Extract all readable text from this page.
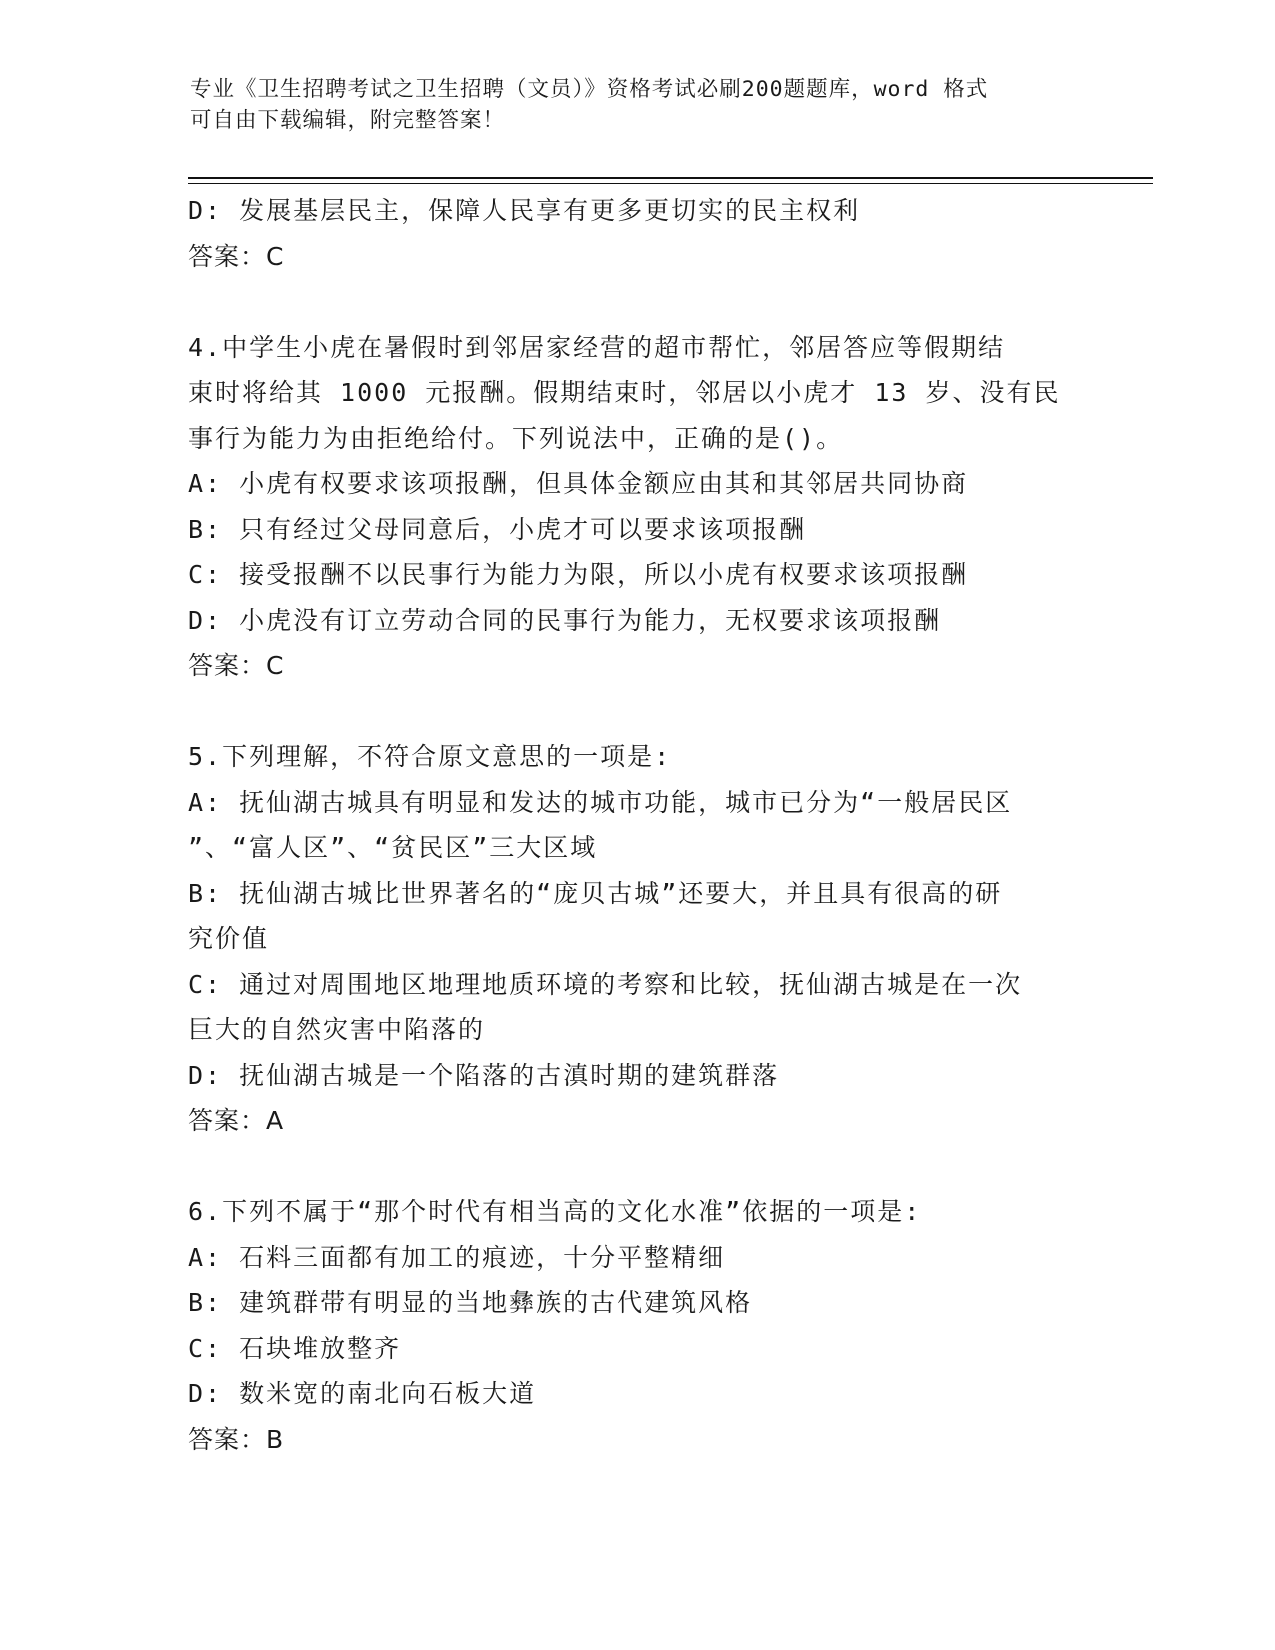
专业《卫生招聘考试之卫生招聘（文员）》资格考试必刷200题题库，word 格式
可自由下载编辑，附完整答案！
D: 发展基层民主，保障人民享有更多更切实的民主权利
答案：C
4.中学生小虎在暑假时到邻居家经营的超市帮忙，邻居答应等假期结
束时将给其 1000 元报酬。假期结束时，邻居以小虎才 13 岁、没有民
事行为能力为由拒绝给付。下列说法中，正确的是()。
A: 小虎有权要求该项报酬，但具体金额应由其和其邻居共同协商
B: 只有经过父母同意后，小虎才可以要求该项报酬
C: 接受报酬不以民事行为能力为限，所以小虎有权要求该项报酬
D: 小虎没有订立劳动合同的民事行为能力，无权要求该项报酬
答案：C
5.下列理解，不符合原文意思的一项是:
A: 抚仙湖古城具有明显和发达的城市功能，城市已分为“一般居民区
”、“富人区”、“贫民区”三大区域
B: 抚仙湖古城比世界著名的“庞贝古城”还要大，并且具有很高的研
究价值
C: 通过对周围地区地理地质环境的考察和比较，抚仙湖古城是在一次
巨大的自然灾害中陷落的
D: 抚仙湖古城是一个陷落的古滇时期的建筑群落
答案：A
6.下列不属于“那个时代有相当高的文化水准”依据的一项是:
A: 石料三面都有加工的痕迹，十分平整精细
B: 建筑群带有明显的当地彝族的古代建筑风格
C: 石块堆放整齐
D: 数米宽的南北向石板大道
答案：B
